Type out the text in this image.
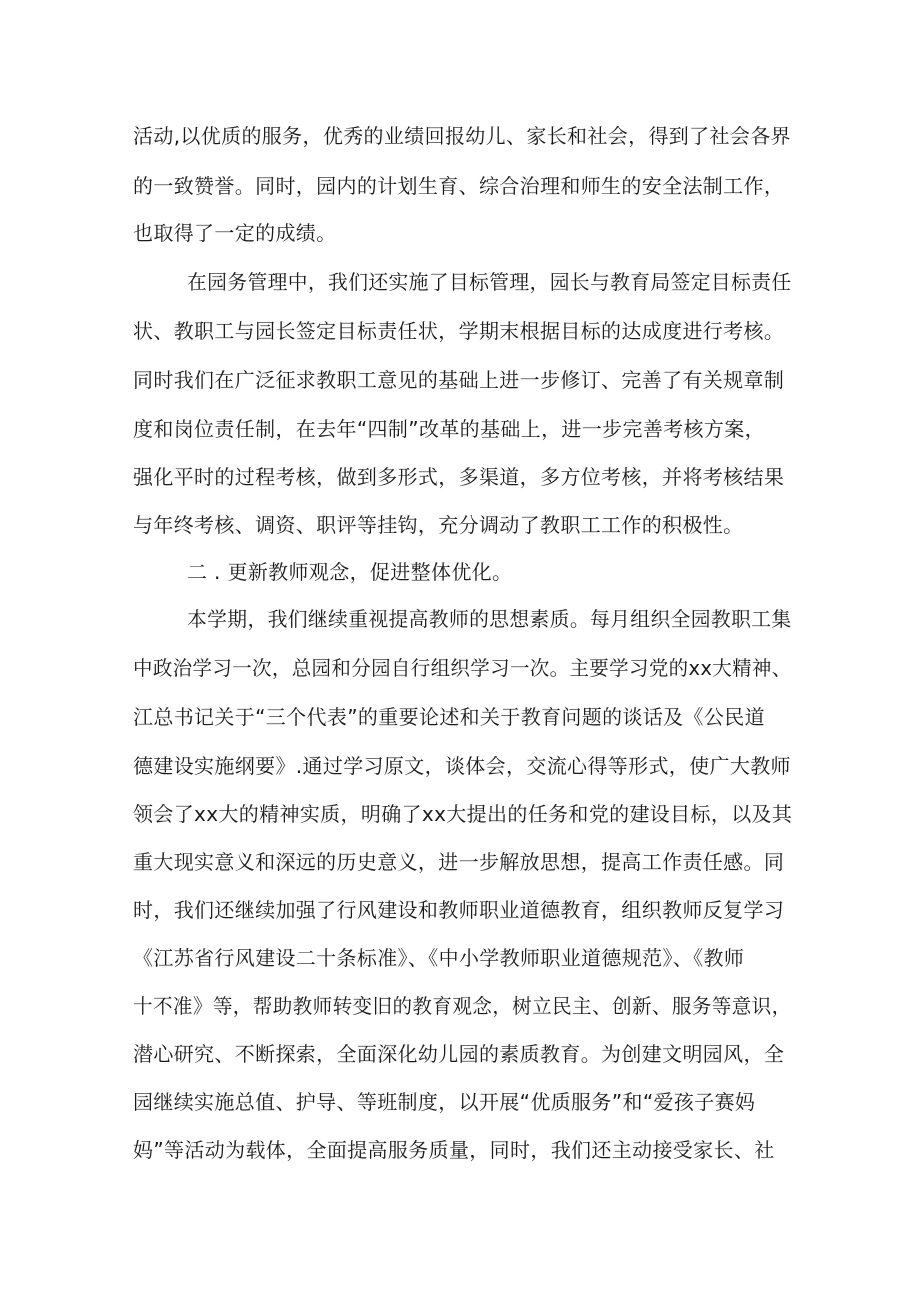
活动,以优质的服务，优秀的业绩回报幼儿、家长和社会，得到了社会各界

的一致赞誉。同时，园内的计划生育、综合治理和师生的安全法制工作，

也取得了一定的成绩。

在园务管理中，我们还实施了目标管理，园长与教育局签定目标责任

状、教职工与园长签定目标责任状，学期末根据目标的达成度进行考核。

同时我们在广泛征求教职工意见的基础上进一步修订、完善了有关规章制

度和岗位责任制，在去年“四制”改革的基础上，进一步完善考核方案，

强化平时的过程考核，做到多形式，多渠道，多方位考核，并将考核结果

与年终考核、调资、职评等挂钩，充分调动了教职工工作的积极性。

二 . 更新教师观念，促进整体优化。

本学期，我们继续重视提高教师的思想素质。每月组织全园教职工集

中政治学习一次，总园和分园自行组织学习一次。主要学习党的xx大精神、

江总书记关于“三个代表”的重要论述和关于教育问题的谈话及《公民道

德建设实施纲要》.通过学习原文，谈体会，交流心得等形式，使广大教师

领会了xx大的精神实质，明确了xx大提出的任务和党的建设目标，以及其

重大现实意义和深远的历史意义，进一步解放思想，提高工作责任感。同

时，我们还继续加强了行风建设和教师职业道德教育，组织教师反复学习

《江苏省行风建设二十条标准》、《中小学教师职业道德规范》、《教师

十不准》等，帮助教师转变旧的教育观念，树立民主、创新、服务等意识，

潜心研究、不断探索，全面深化幼儿园的素质教育。为创建文明园风，全

园继续实施总值、护导、等班制度，以开展“优质服务”和“爱孩子赛妈

妈”等活动为载体，全面提高服务质量，同时，我们还主动接受家长、社
